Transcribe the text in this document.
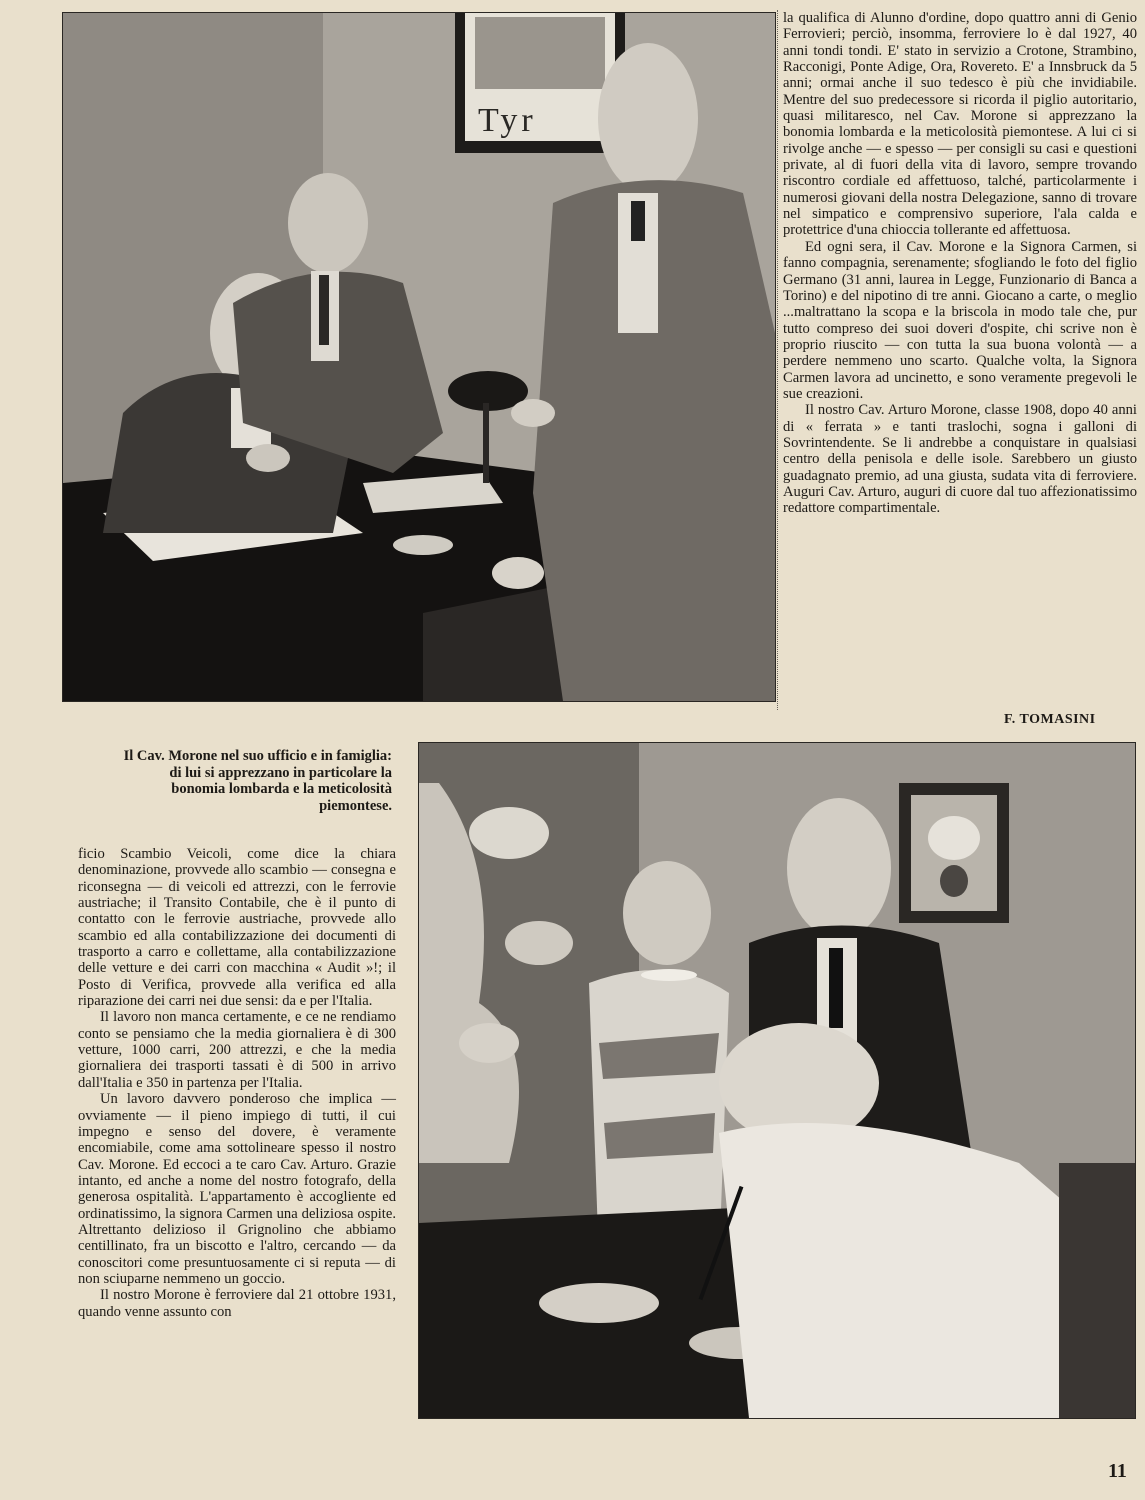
Tyr

la qualifica di Alunno d'ordine, dopo quattro anni di Genio Ferrovieri; perciò, insomma, ferroviere lo è dal 1927, 40 anni tondi tondi. E' stato in servizio a Crotone, Strambino, Racconigi, Ponte Adige, Ora, Rovereto. E' a Innsbruck da 5 anni; ormai anche il suo tedesco è più che invidiabile. Mentre del suo predecessore si ricorda il piglio autoritario, quasi militaresco, nel Cav. Morone si apprezzano la bonomia lombarda e la meticolosità piemontese. A lui ci si rivolge anche — e spesso — per consigli su casi e questioni private, al di fuori della vita di lavoro, sempre trovando riscontro cordiale ed affettuoso, talché, particolarmente i numerosi giovani della nostra Delegazione, sanno di trovare nel simpatico e comprensivo superiore, l'ala calda e protettrice d'una chioccia tollerante ed affettuosa.

Ed ogni sera, il Cav. Morone e la Signora Carmen, si fanno compagnia, serenamente; sfogliando le foto del figlio Germano (31 anni, laurea in Legge, Funzionario di Banca a Torino) e del nipotino di tre anni. Giocano a carte, o meglio ...maltrattano la scopa e la briscola in modo tale che, pur tutto compreso dei suoi doveri d'ospite, chi scrive non è proprio riuscito — con tutta la sua buona volontà — a perdere nemmeno uno scarto. Qualche volta, la Signora Carmen lavora ad uncinetto, e sono veramente pregevoli le sue creazioni.

Il nostro Cav. Arturo Morone, classe 1908, dopo 40 anni di « ferrata » e tanti traslochi, sogna i galloni di Sovrintendente. Se li andrebbe a conquistare in qualsiasi centro della penisola e delle isole. Sarebbero un giusto guadagnato premio, ad una giusta, sudata vita di ferroviere. Auguri Cav. Arturo, auguri di cuore dal tuo affezionatissimo redattore compartimentale.

F. TOMASINI
Il Cav. Morone nel suo ufficio e in famiglia: di lui si apprezzano in particolare la bonomia lombarda e la meticolosità piemontese.

ficio Scambio Veicoli, come dice la chiara denominazione, provvede allo scambio — consegna e riconsegna — di veicoli ed attrezzi, con le ferrovie austriache; il Transito Contabile, che è il punto di contatto con le ferrovie austriache, provvede allo scambio ed alla contabilizzazione dei documenti di trasporto a carro e collettame, alla contabilizzazione delle vetture e dei carri con macchina « Audit »!; il Posto di Verifica, provvede alla verifica ed alla riparazione dei carri nei due sensi: da e per l'Italia.

Il lavoro non manca certamente, e ce ne rendiamo conto se pensiamo che la media giornaliera è di 300 vetture, 1000 carri, 200 attrezzi, e che la media giornaliera dei trasporti tassati è di 500 in arrivo dall'Italia e 350 in partenza per l'Italia.

Un lavoro davvero ponderoso che implica — ovviamente — il pieno impiego di tutti, il cui impegno e senso del dovere, è veramente encomiabile, come ama sottolineare spesso il nostro Cav. Morone. Ed eccoci a te caro Cav. Arturo. Grazie intanto, ed anche a nome del nostro fotografo, della generosa ospitalità. L'appartamento è accogliente ed ordinatissimo, la signora Carmen una deliziosa ospite. Altrettanto delizioso il Grignolino che abbiamo centillinato, fra un biscotto e l'altro, cercando — da conoscitori come presuntuosamente ci si reputa — di non sciuparne nemmeno un goccio.

Il nostro Morone è ferroviere dal 21 ottobre 1931, quando venne assunto con

11
